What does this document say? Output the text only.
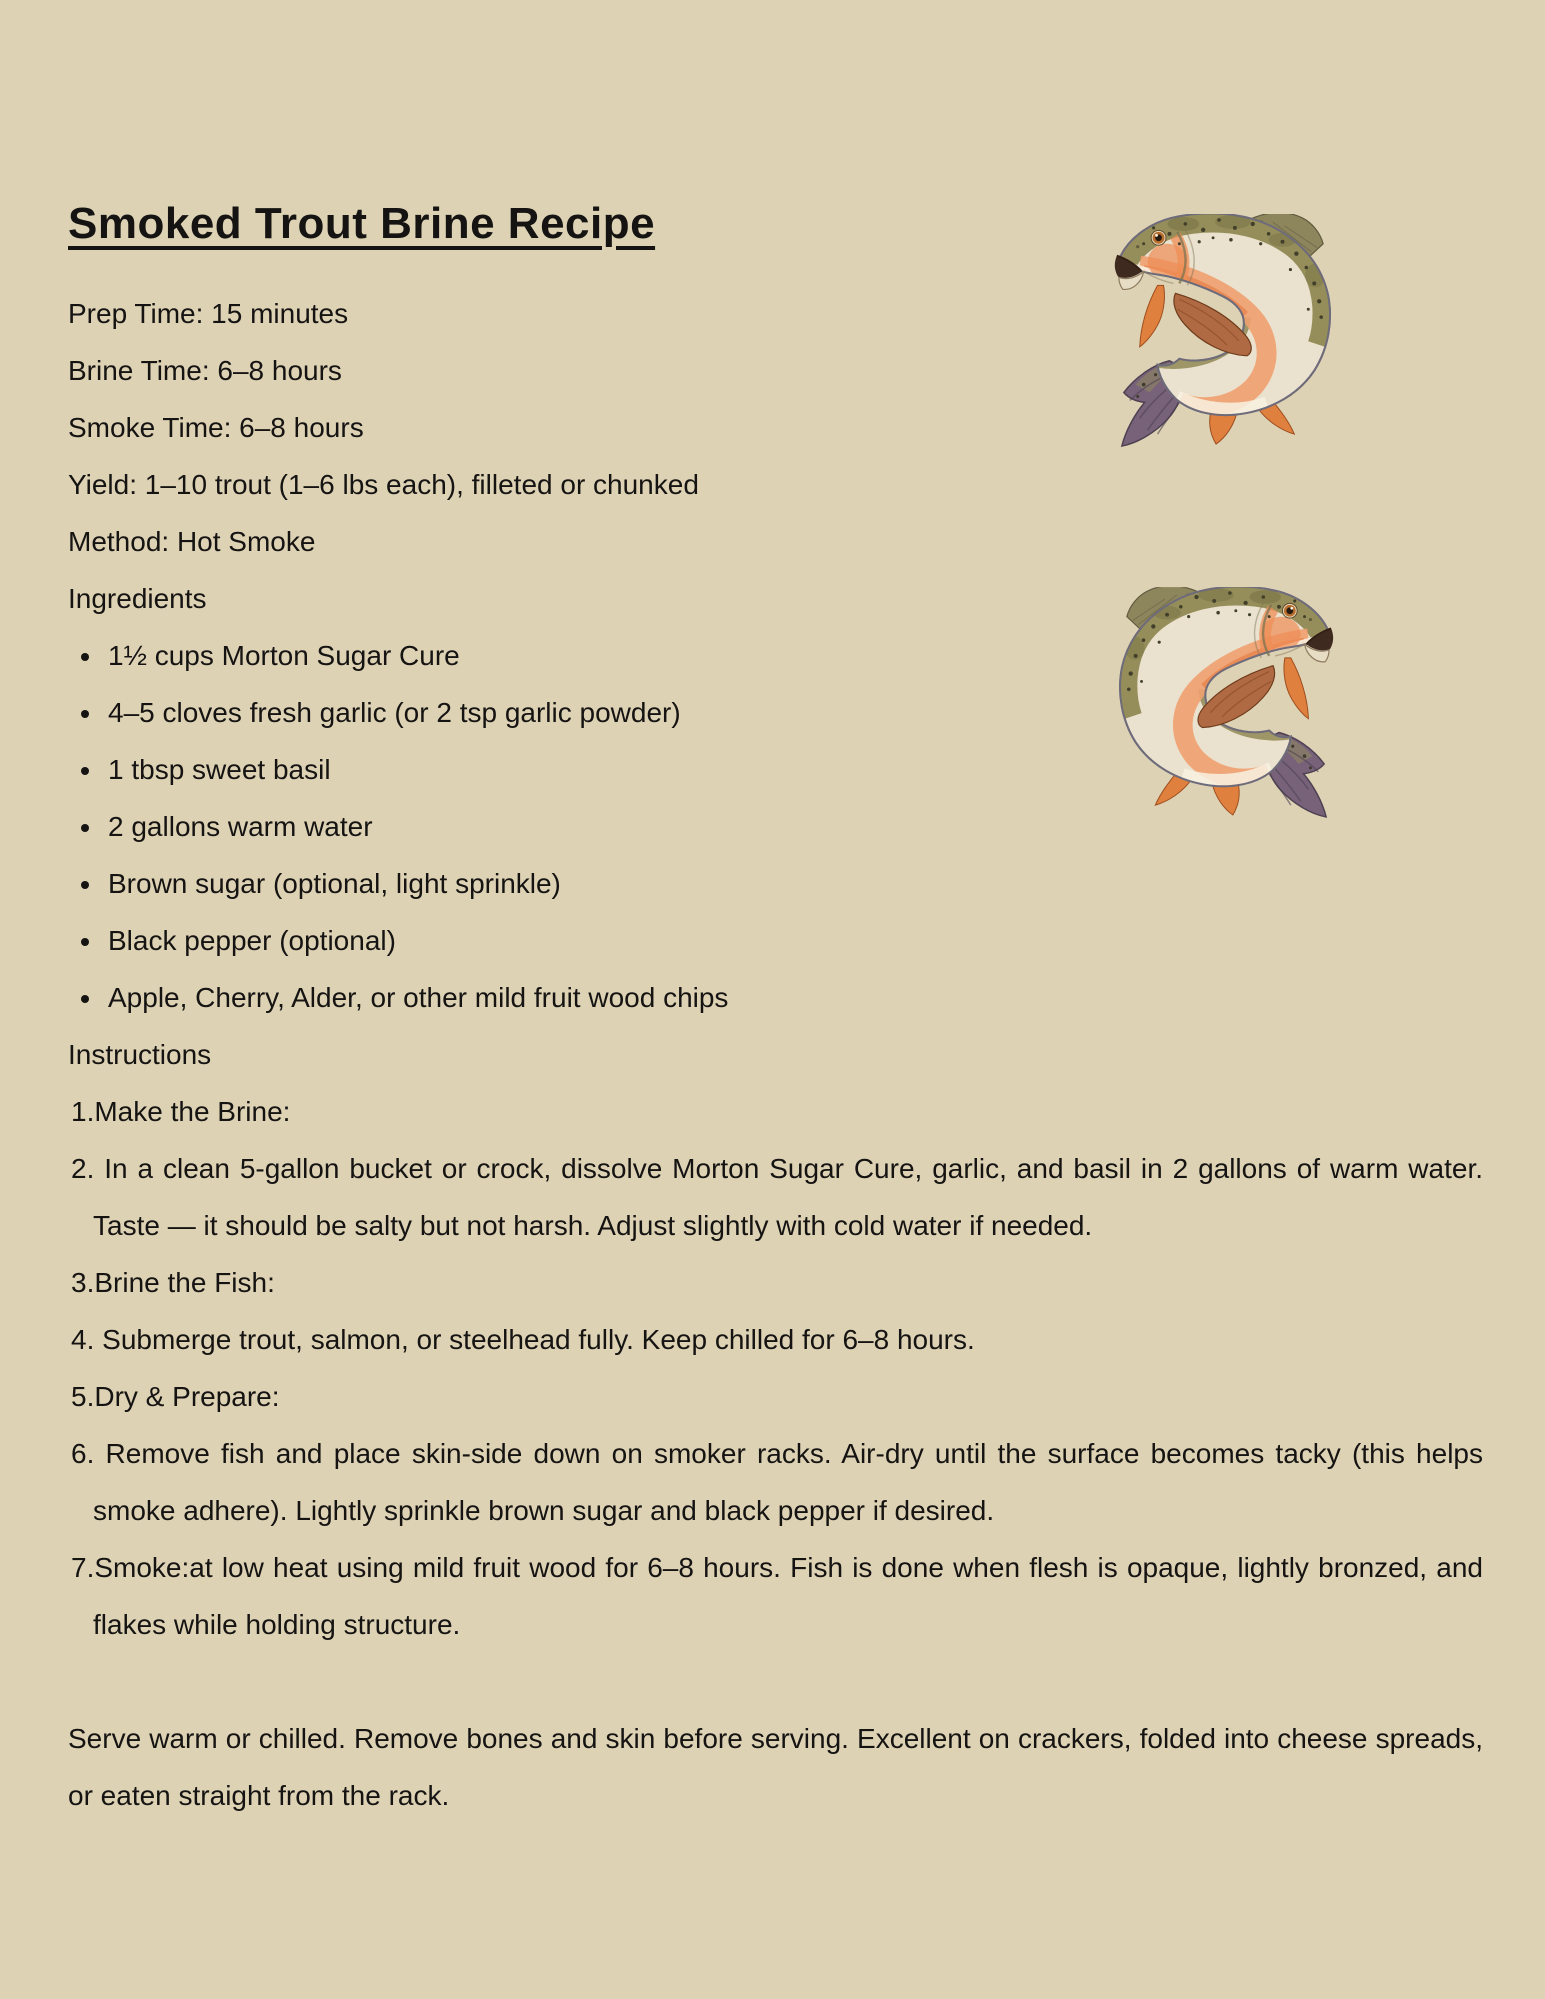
Smoked Trout Brine Recipe

Prep Time: 15 minutes

Brine Time: 6–8 hours

Smoke Time: 6–8 hours

Yield: 1–10 trout (1–6 lbs each), filleted or chunked

Method: Hot Smoke

Ingredients

• 1½ cups Morton Sugar Cure
• 4–5 cloves fresh garlic (or 2 tsp garlic powder)
• 1 tbsp sweet basil
• 2 gallons warm water
• Brown sugar (optional, light sprinkle)
• Black pepper (optional)
• Apple, Cherry, Alder, or other mild fruit wood chips

Instructions

1.Make the Brine:

2. In a clean 5-gallon bucket or crock, dissolve Morton Sugar Cure, garlic, and basil in 2 gallons of warm water. Taste — it should be salty but not harsh. Adjust slightly with cold water if needed.

3.Brine the Fish:

4. Submerge trout, salmon, or steelhead fully. Keep chilled for 6–8 hours.

5.Dry & Prepare:

6. Remove fish and place skin-side down on smoker racks. Air-dry until the surface becomes tacky (this helps smoke adhere). Lightly sprinkle brown sugar and black pepper if desired.

7.Smoke:at low heat using mild fruit wood for 6–8 hours. Fish is done when flesh is opaque, lightly bronzed, and flakes while holding structure.

Serve warm or chilled. Remove bones and skin before serving. Excellent on crackers, folded into cheese spreads, or eaten straight from the rack.
